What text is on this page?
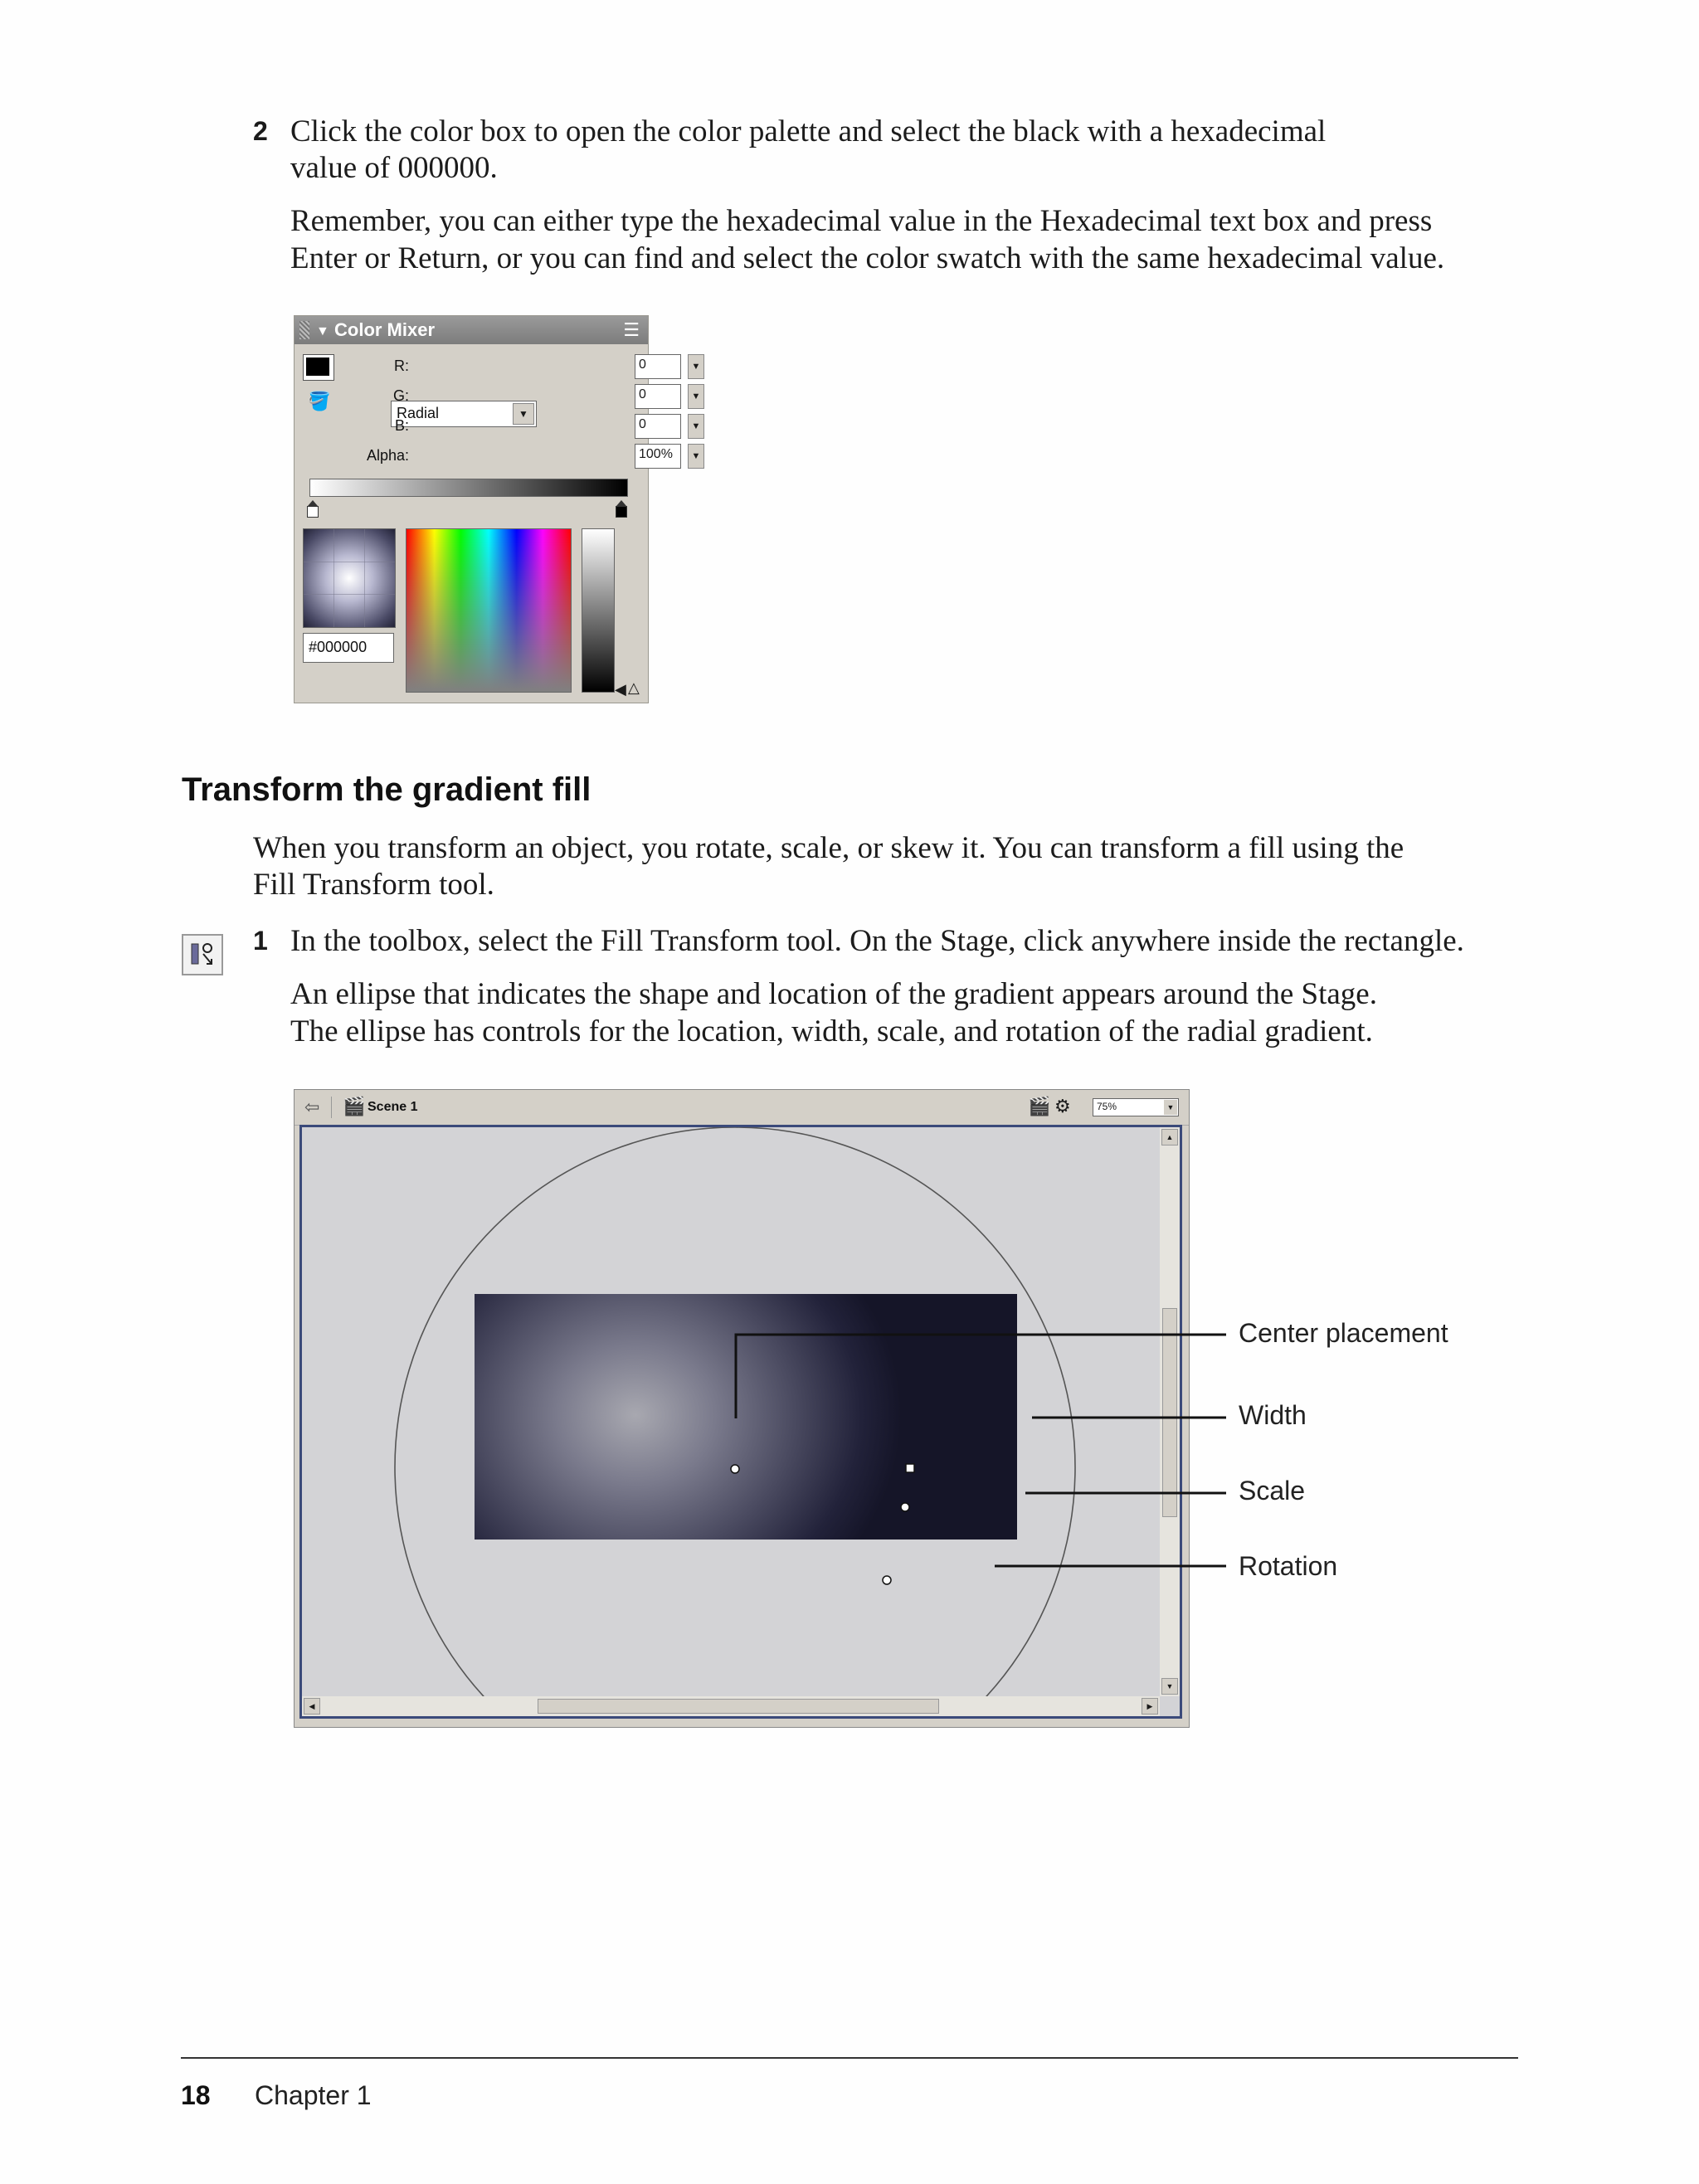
2 Click the color box to open the color palette and select the black with a hexadecimal
value of 000000.
Remember, you can either type the hexadecimal value in the Hexadecimal text box and press
Enter or Return, or you can find and select the color swatch with the same hexadecimal value.
▼ Color Mixer	☰
🪣
Radial	▼
R:	0	▼
G:	0	▼
B:	0	▼
Alpha:	100%	▼
#000000
◀ △
Transform the gradient fill
When you transform an object, you rotate, scale, or skew it. You can transform a fill using the
Fill Transform tool.
1 In the toolbox, select the Fill Transform tool. On the Stage, click anywhere inside the rectangle.
An ellipse that indicates the shape and location of the gradient appears around the Stage.
The ellipse has controls for the location, width, scale, and rotation of the radial gradient.
⇦ 🎬 Scene 1	🎬 ⚙	75%	▼
▲
▼
◀	▶
Center placement
Width
Scale
Rotation
18 Chapter 1
